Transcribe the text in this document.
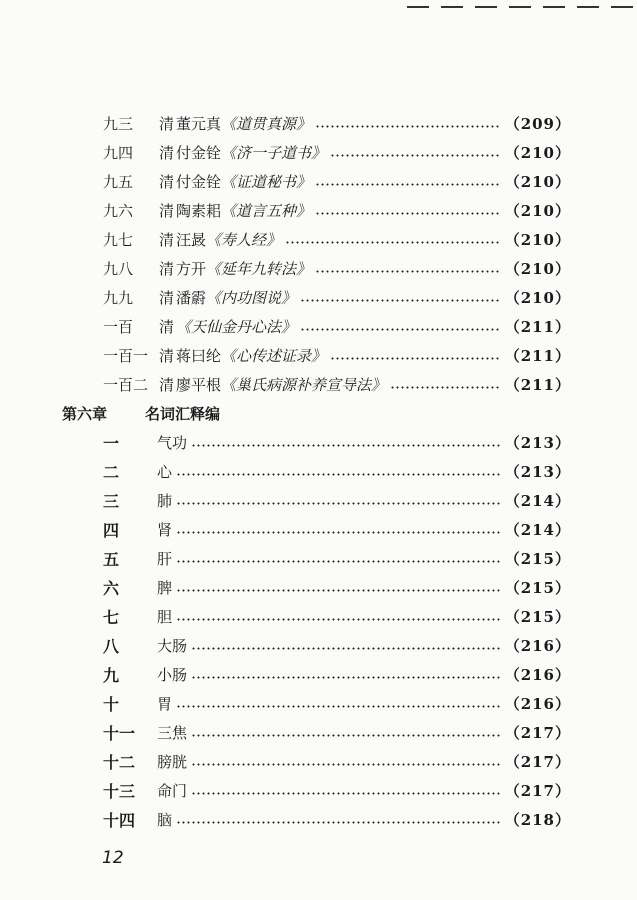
九三	清 董元真 《道贯真源》	（209）
九四	清 付金铨 《济一子道书》	（210）
九五	清 付金铨 《证道秘书》	（210）
九六	清 陶素耜 《道言五种》	（210）
九七	清 汪晸 《寿人经》	（210）
九八	清 方开 《延年九转法》	（210）
九九	清 潘霨 《内功图说》	（210）
一百	清 《天仙金丹心法》	（211）
一百一 清 蒋曰纶 《心传述证录》	（211）
一百二 清 廖平根 《巢氏病源补养宣导法》	（211）
第六章	名词汇释编
一	气功	（213）
二	心	（213）
三	肺	（214）
四	肾	（214）
五	肝	（215）
六	脾	（215）
七	胆	（215）
八	大肠	（216）
九	小肠	（216）
十	胃	（216）
十一	三焦	（217）
十二	膀胱	（217）
十三	命门	（217）
十四	脑	（218）
12
